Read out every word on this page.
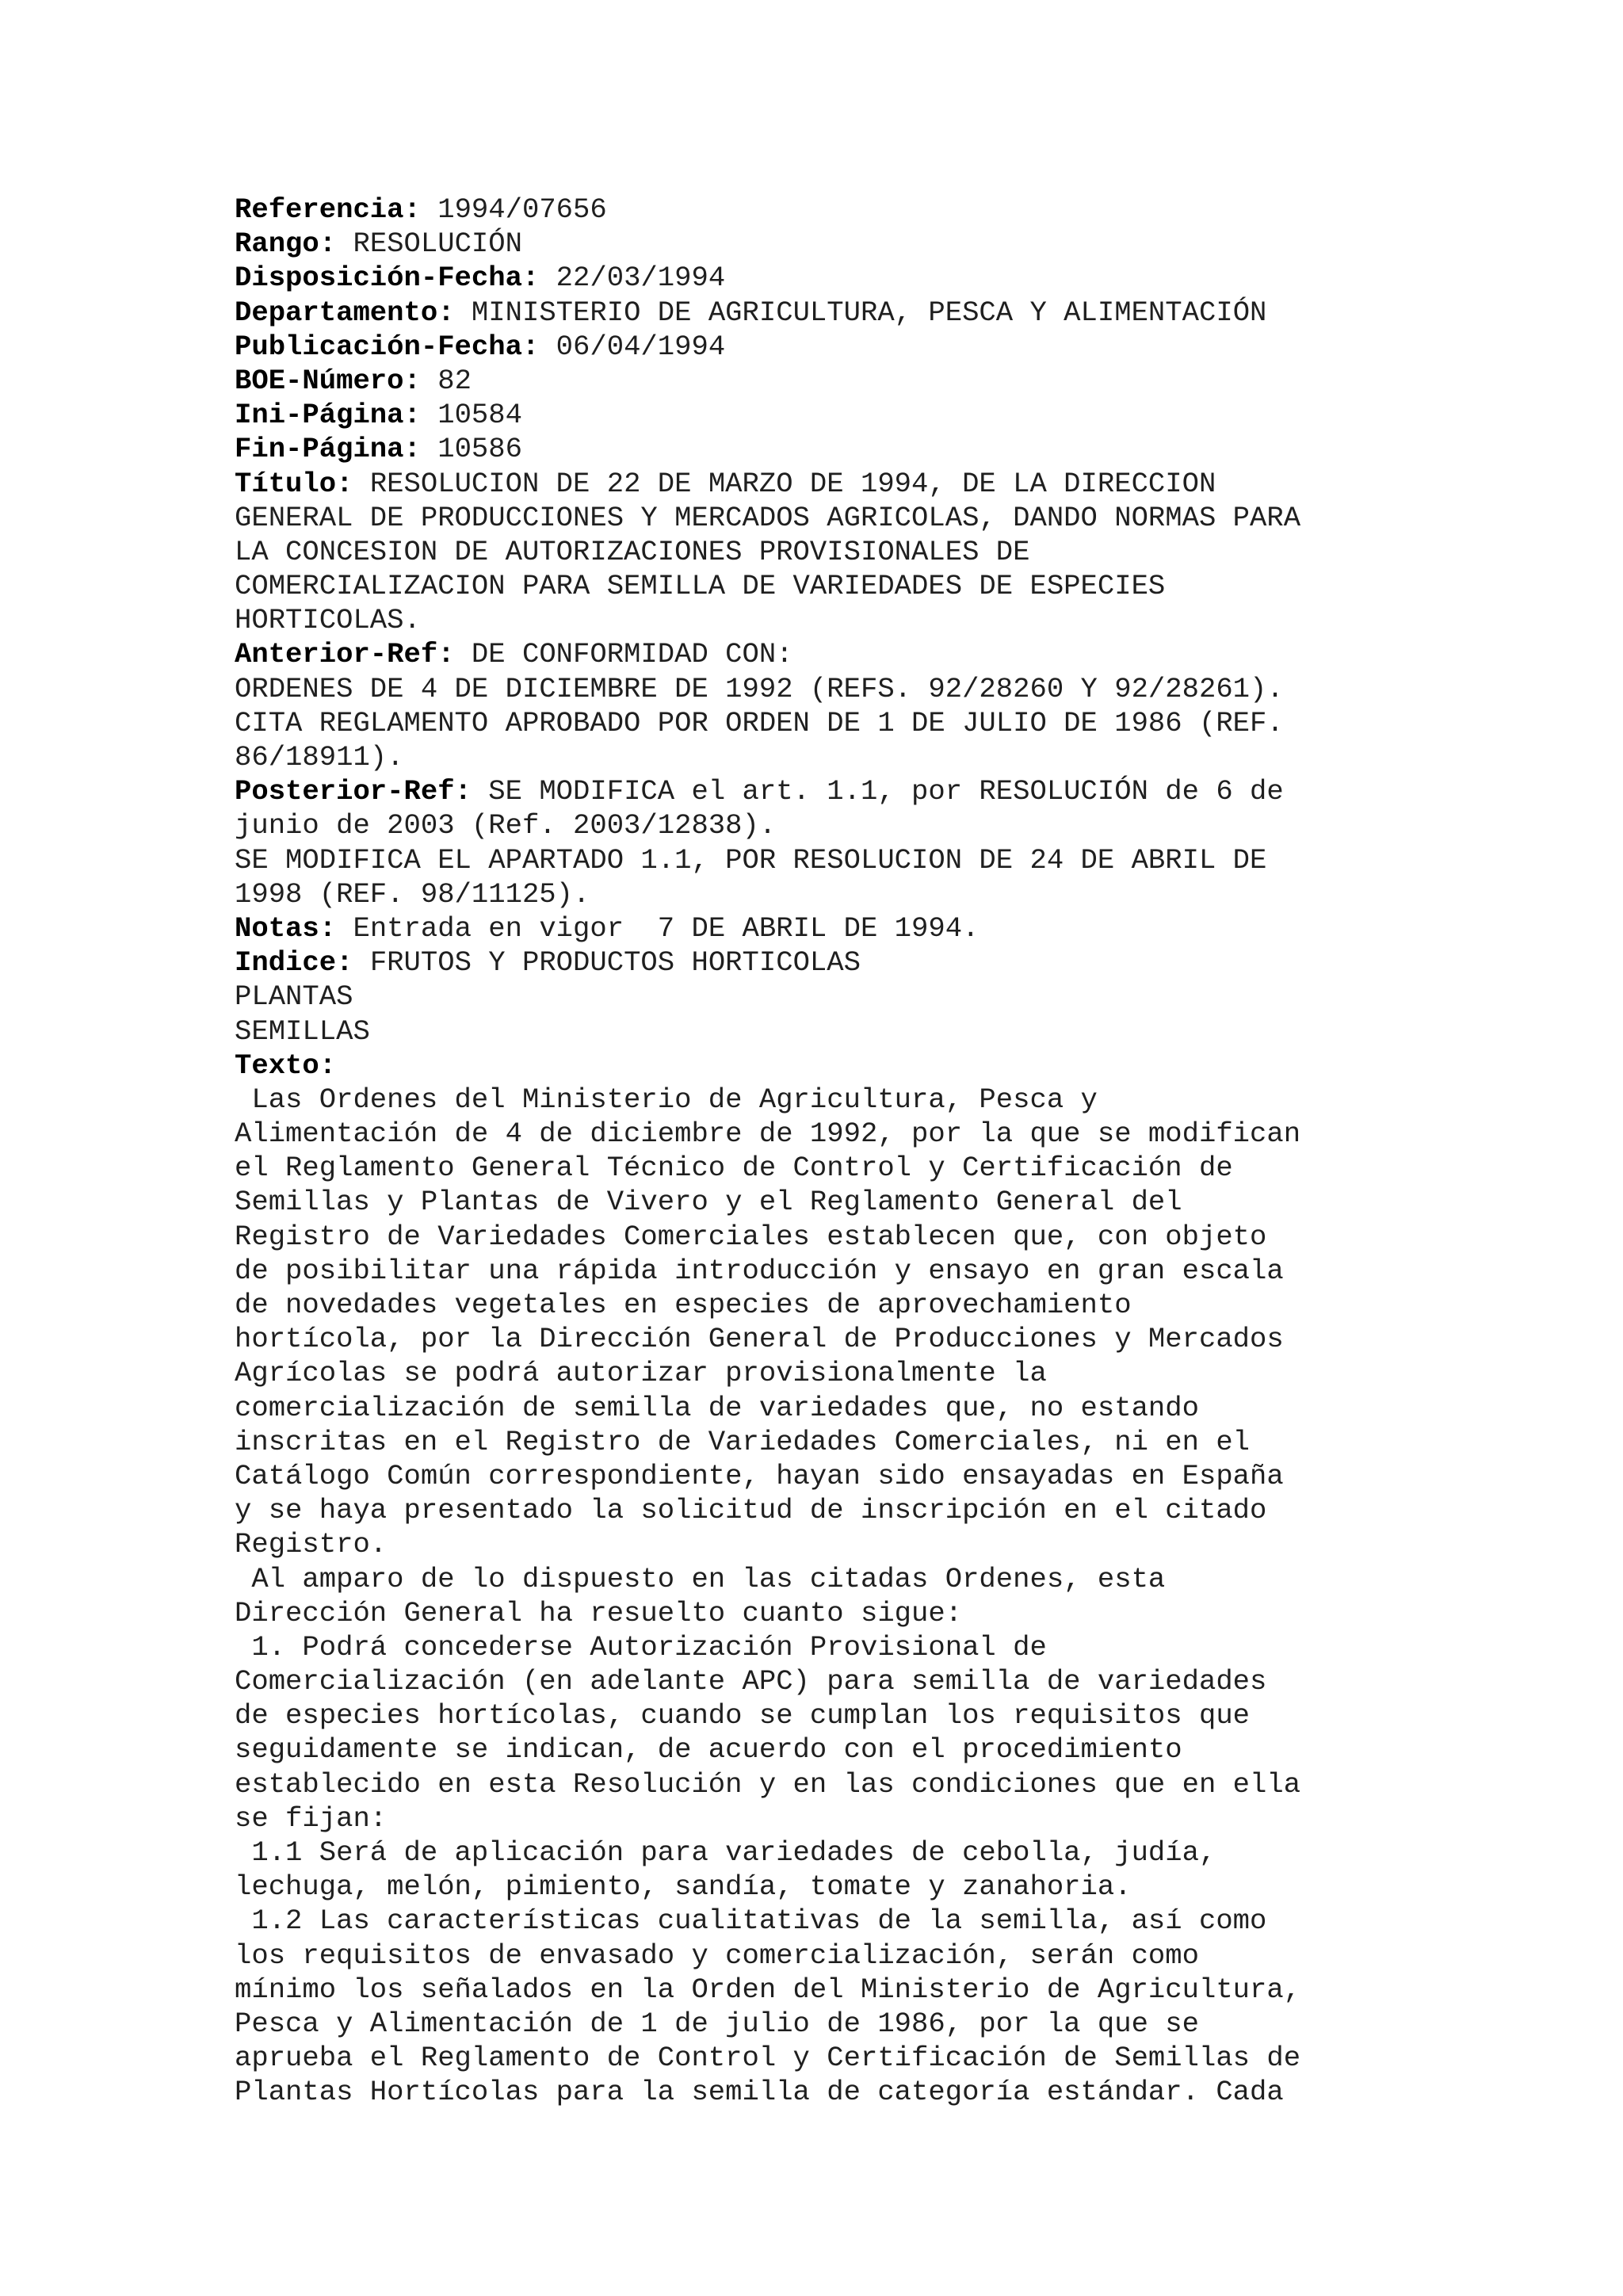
Referencia: 1994/07656
Rango: RESOLUCIÓN
Disposición-Fecha: 22/03/1994
Departamento: MINISTERIO DE AGRICULTURA, PESCA Y ALIMENTACIÓN
Publicación-Fecha: 06/04/1994
BOE-Número: 82
Ini-Página: 10584
Fin-Página: 10586
Título: RESOLUCION DE 22 DE MARZO DE 1994, DE LA DIRECCION
GENERAL DE PRODUCCIONES Y MERCADOS AGRICOLAS, DANDO NORMAS PARA
LA CONCESION DE AUTORIZACIONES PROVISIONALES DE
COMERCIALIZACION PARA SEMILLA DE VARIEDADES DE ESPECIES
HORTICOLAS.
Anterior-Ref: DE CONFORMIDAD CON:
ORDENES DE 4 DE DICIEMBRE DE 1992 (REFS. 92/28260 Y 92/28261).
CITA REGLAMENTO APROBADO POR ORDEN DE 1 DE JULIO DE 1986 (REF.
86/18911).
Posterior-Ref: SE MODIFICA el art. 1.1, por RESOLUCIÓN de 6 de
junio de 2003 (Ref. 2003/12838).
SE MODIFICA EL APARTADO 1.1, POR RESOLUCION DE 24 DE ABRIL DE
1998 (REF. 98/11125).
Notas: Entrada en vigor  7 DE ABRIL DE 1994.
Indice: FRUTOS Y PRODUCTOS HORTICOLAS
PLANTAS
SEMILLAS
Texto:
Las Ordenes del Ministerio de Agricultura, Pesca y
Alimentación de 4 de diciembre de 1992, por la que se modifican
el Reglamento General Técnico de Control y Certificación de
Semillas y Plantas de Vivero y el Reglamento General del
Registro de Variedades Comerciales establecen que, con objeto
de posibilitar una rápida introducción y ensayo en gran escala
de novedades vegetales en especies de aprovechamiento
hortícola, por la Dirección General de Producciones y Mercados
Agrícolas se podrá autorizar provisionalmente la
comercialización de semilla de variedades que, no estando
inscritas en el Registro de Variedades Comerciales, ni en el
Catálogo Común correspondiente, hayan sido ensayadas en España
y se haya presentado la solicitud de inscripción en el citado
Registro.
Al amparo de lo dispuesto en las citadas Ordenes, esta
Dirección General ha resuelto cuanto sigue:
1. Podrá concederse Autorización Provisional de
Comercialización (en adelante APC) para semilla de variedades
de especies hortícolas, cuando se cumplan los requisitos que
seguidamente se indican, de acuerdo con el procedimiento
establecido en esta Resolución y en las condiciones que en ella
se fijan:
1.1 Será de aplicación para variedades de cebolla, judía,
lechuga, melón, pimiento, sandía, tomate y zanahoria.
1.2 Las características cualitativas de la semilla, así como
los requisitos de envasado y comercialización, serán como
mínimo los señalados en la Orden del Ministerio de Agricultura,
Pesca y Alimentación de 1 de julio de 1986, por la que se
aprueba el Reglamento de Control y Certificación de Semillas de
Plantas Hortícolas para la semilla de categoría estándar. Cada
